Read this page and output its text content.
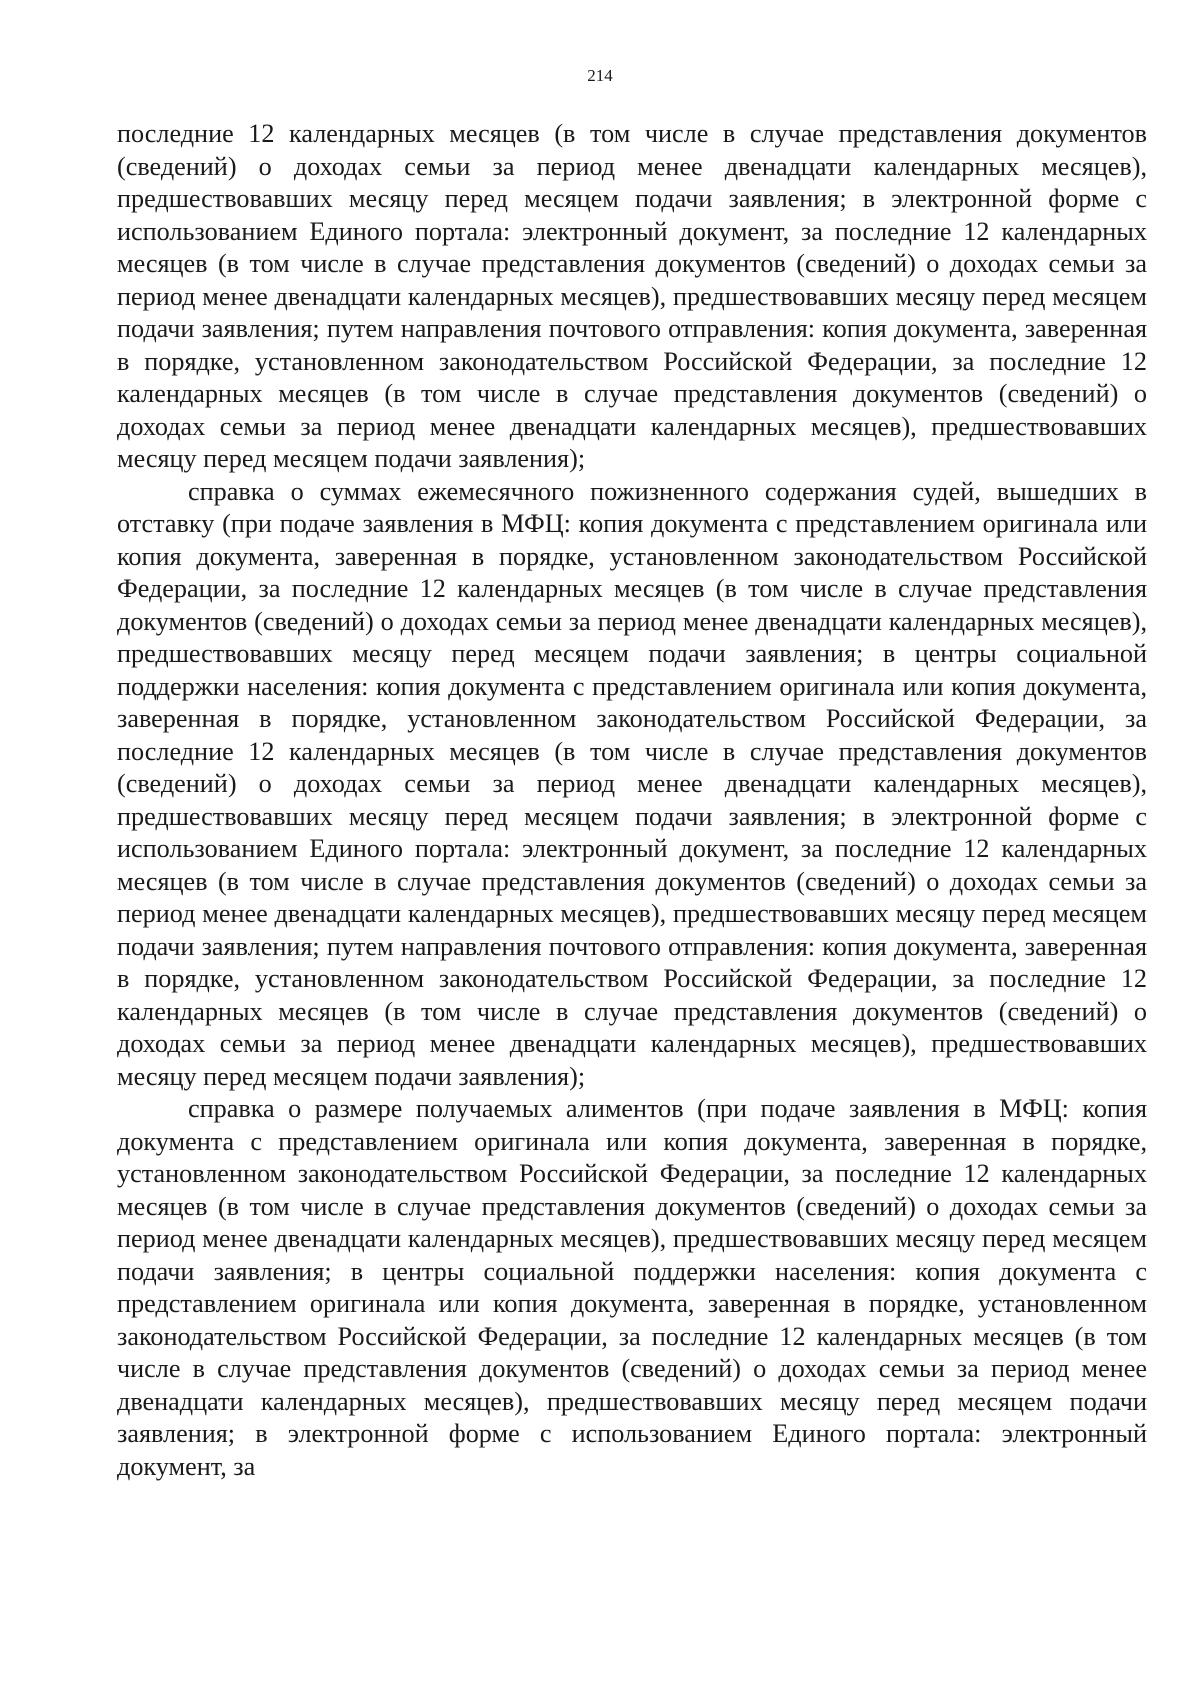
214

последние 12 календарных месяцев (в том числе в случае представления документов (сведений) о доходах семьи за период менее двенадцати календарных месяцев), предшествовавших месяцу перед месяцем подачи заявления; в электронной форме с использованием Единого портала: электронный документ, за последние 12 календарных месяцев (в том числе в случае представления документов (сведений) о доходах семьи за период менее двенадцати календарных месяцев), предшествовавших месяцу перед месяцем подачи заявления; путем направления почтового отправления: копия документа, заверенная в порядке, установленном законодательством Российской Федерации, за последние 12 календарных месяцев (в том числе в случае представления документов (сведений) о доходах семьи за период менее двенадцати календарных месяцев), предшествовавших месяцу перед месяцем подачи заявления);

справка о суммах ежемесячного пожизненного содержания судей, вышедших в отставку (при подаче заявления в МФЦ: копия документа с представлением оригинала или копия документа, заверенная в порядке, установленном законодательством Российской Федерации, за последние 12 календарных месяцев (в том числе в случае представления документов (сведений) о доходах семьи за период менее двенадцати календарных месяцев), предшествовавших месяцу перед месяцем подачи заявления; в центры социальной поддержки населения: копия документа с представлением оригинала или копия документа, заверенная в порядке, установленном законодательством Российской Федерации, за последние 12 календарных месяцев (в том числе в случае представления документов (сведений) о доходах семьи за период менее двенадцати календарных месяцев), предшествовавших месяцу перед месяцем подачи заявления; в электронной форме с использованием Единого портала: электронный документ, за последние 12 календарных месяцев (в том числе в случае представления документов (сведений) о доходах семьи за период менее двенадцати календарных месяцев), предшествовавших месяцу перед месяцем подачи заявления; путем направления почтового отправления: копия документа, заверенная в порядке, установленном законодательством Российской Федерации, за последние 12 календарных месяцев (в том числе в случае представления документов (сведений) о доходах семьи за период менее двенадцати календарных месяцев), предшествовавших месяцу перед месяцем подачи заявления);

справка о размере получаемых алиментов (при подаче заявления в МФЦ: копия документа с представлением оригинала или копия документа, заверенная в порядке, установленном законодательством Российской Федерации, за последние 12 календарных месяцев (в том числе в случае представления документов (сведений) о доходах семьи за период менее двенадцати календарных месяцев), предшествовавших месяцу перед месяцем подачи заявления; в центры социальной поддержки населения: копия документа с представлением оригинала или копия документа, заверенная в порядке, установленном законодательством Российской Федерации, за последние 12 календарных месяцев (в том числе в случае представления документов (сведений) о доходах семьи за период менее двенадцати календарных месяцев), предшествовавших месяцу перед месяцем подачи заявления; в электронной форме с использованием Единого портала: электронный документ, за
